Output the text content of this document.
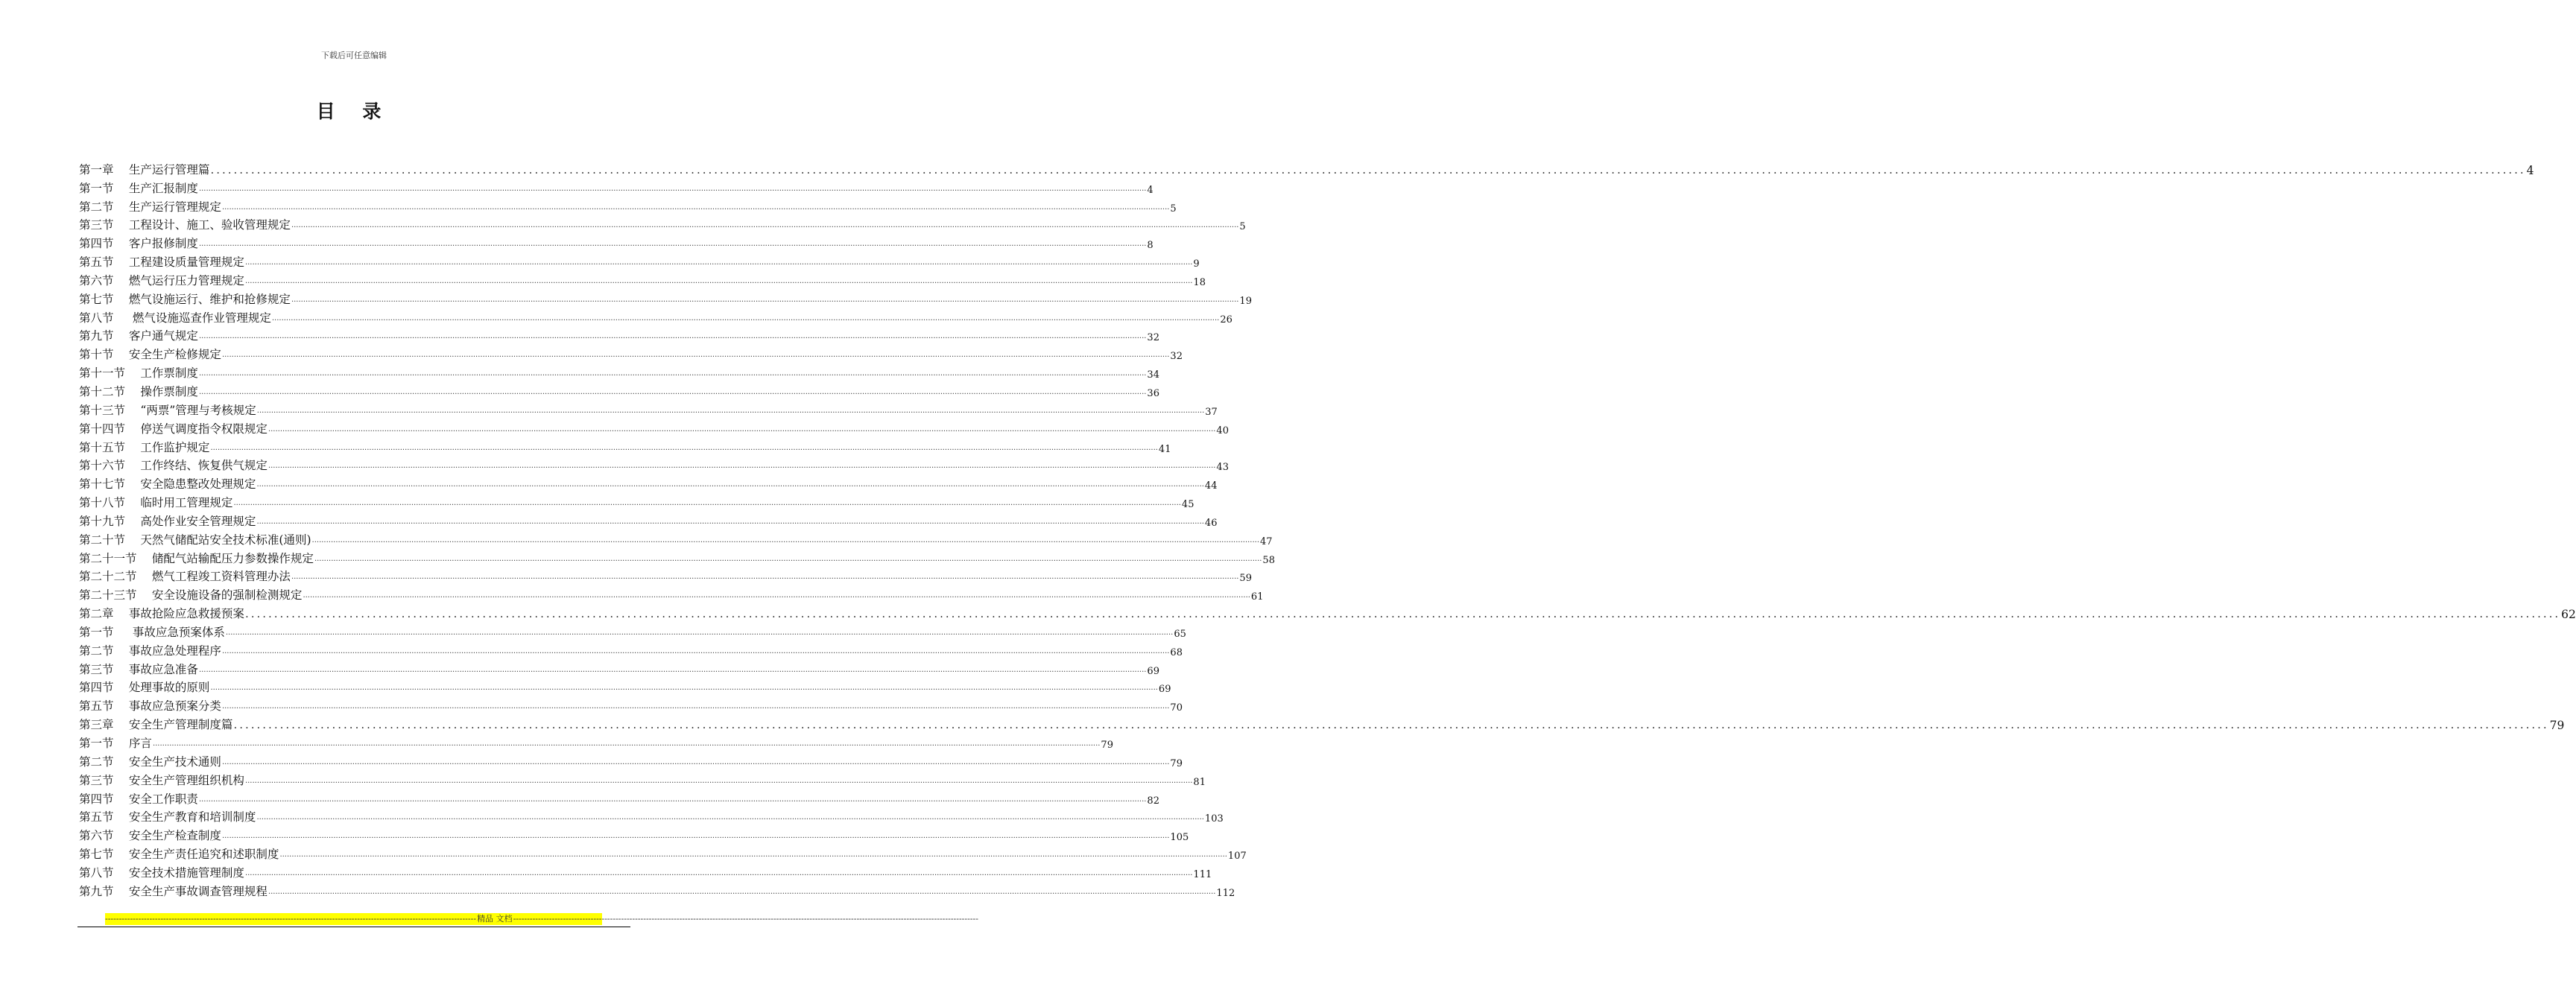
下载后可任意编辑
目 录
第一章　 生产运行管理篇 ................................................................................................................................................................................................................................................................................................................................................................................................................ 4
第一节　 生产汇报制度 ................................................................................................................................................................................................................................................................................................................................................................................................................ 4
第二节　 生产运行管理规定 ................................................................................................................................................................................................................................................................................................................................................................................................................ 5
第三节　 工程设计、施工、验收管理规定 ................................................................................................................................................................................................................................................................................................................................................................................................................ 5
第四节　 客户报修制度 ................................................................................................................................................................................................................................................................................................................................................................................................................ 8
第五节　 工程建设质量管理规定 ................................................................................................................................................................................................................................................................................................................................................................................................................ 9
第六节　 燃气运行压力管理规定 ................................................................................................................................................................................................................................................................................................................................................................................................................ 18
第七节　 燃气设施运行、维护和抢修规定 ................................................................................................................................................................................................................................................................................................................................................................................................................ 19
第八节　  燃气设施巡查作业管理规定 ................................................................................................................................................................................................................................................................................................................................................................................................................ 26
第九节　 客户通气规定 ................................................................................................................................................................................................................................................................................................................................................................................................................ 32
第十节　 安全生产检修规定 ................................................................................................................................................................................................................................................................................................................................................................................................................ 32
第十一节　 工作票制度 ................................................................................................................................................................................................................................................................................................................................................................................................................ 34
第十二节　 操作票制度 ................................................................................................................................................................................................................................................................................................................................................................................................................ 36
第十三节　 “两票”管理与考核规定 ................................................................................................................................................................................................................................................................................................................................................................................................................ 37
第十四节　 停送气调度指令权限规定 ................................................................................................................................................................................................................................................................................................................................................................................................................ 40
第十五节　 工作监护规定 ................................................................................................................................................................................................................................................................................................................................................................................................................ 41
第十六节　 工作终结、恢复供气规定 ................................................................................................................................................................................................................................................................................................................................................................................................................ 43
第十七节　 安全隐患整改处理规定 ................................................................................................................................................................................................................................................................................................................................................................................................................ 44
第十八节　 临时用工管理规定 ................................................................................................................................................................................................................................................................................................................................................................................................................ 45
第十九节　 高处作业安全管理规定 ................................................................................................................................................................................................................................................................................................................................................................................................................ 46
第二十节　 天然气储配站安全技术标准(通则) ................................................................................................................................................................................................................................................................................................................................................................................................................ 47
第二十一节　 储配气站输配压力参数操作规定 ................................................................................................................................................................................................................................................................................................................................................................................................................ 58
第二十二节　 燃气工程竣工资料管理办法 ................................................................................................................................................................................................................................................................................................................................................................................................................ 59
第二十三节　 安全设施设备的强制检测规定 ................................................................................................................................................................................................................................................................................................................................................................................................................ 61
第二章　 事故抢险应急救援预案 ................................................................................................................................................................................................................................................................................................................................................................................................................ 62
第一节　  事故应急预案体系 ................................................................................................................................................................................................................................................................................................................................................................................................................ 65
第二节　 事故应急处理程序 ................................................................................................................................................................................................................................................................................................................................................................................................................ 68
第三节　 事故应急准备 ................................................................................................................................................................................................................................................................................................................................................................................................................ 69
第四节　 处理事故的原则 ................................................................................................................................................................................................................................................................................................................................................................................................................ 69
第五节　 事故应急预案分类 ................................................................................................................................................................................................................................................................................................................................................................................................................ 70
第三章　 安全生产管理制度篇 ................................................................................................................................................................................................................................................................................................................................................................................................................ 79
第一节　 序言 ................................................................................................................................................................................................................................................................................................................................................................................................................ 79
第二节　 安全生产技术通则 ................................................................................................................................................................................................................................................................................................................................................................................................................ 79
第三节　 安全生产管理组织机构 ................................................................................................................................................................................................................................................................................................................................................................................................................ 81
第四节　 安全工作职责 ................................................................................................................................................................................................................................................................................................................................................................................................................ 82
第五节　 安全生产教育和培训制度 ................................................................................................................................................................................................................................................................................................................................................................................................................ 103
第六节　 安全生产检查制度 ................................................................................................................................................................................................................................................................................................................................................................................................................ 105
第七节　 安全生产责任追究和述职制度 ................................................................................................................................................................................................................................................................................................................................................................................................................ 107
第八节　 安全技术措施管理制度 ................................................................................................................................................................................................................................................................................................................................................................................................................ 111
第九节　 安全生产事故调查管理规程 ................................................................................................................................................................................................................................................................................................................................................................................................................ 112
-------------------------------------------------------------------------------------------------------------------------------------- 精品 文档 ------------------------------------------------------------------------------------------------------------------------------------------------------------------------
